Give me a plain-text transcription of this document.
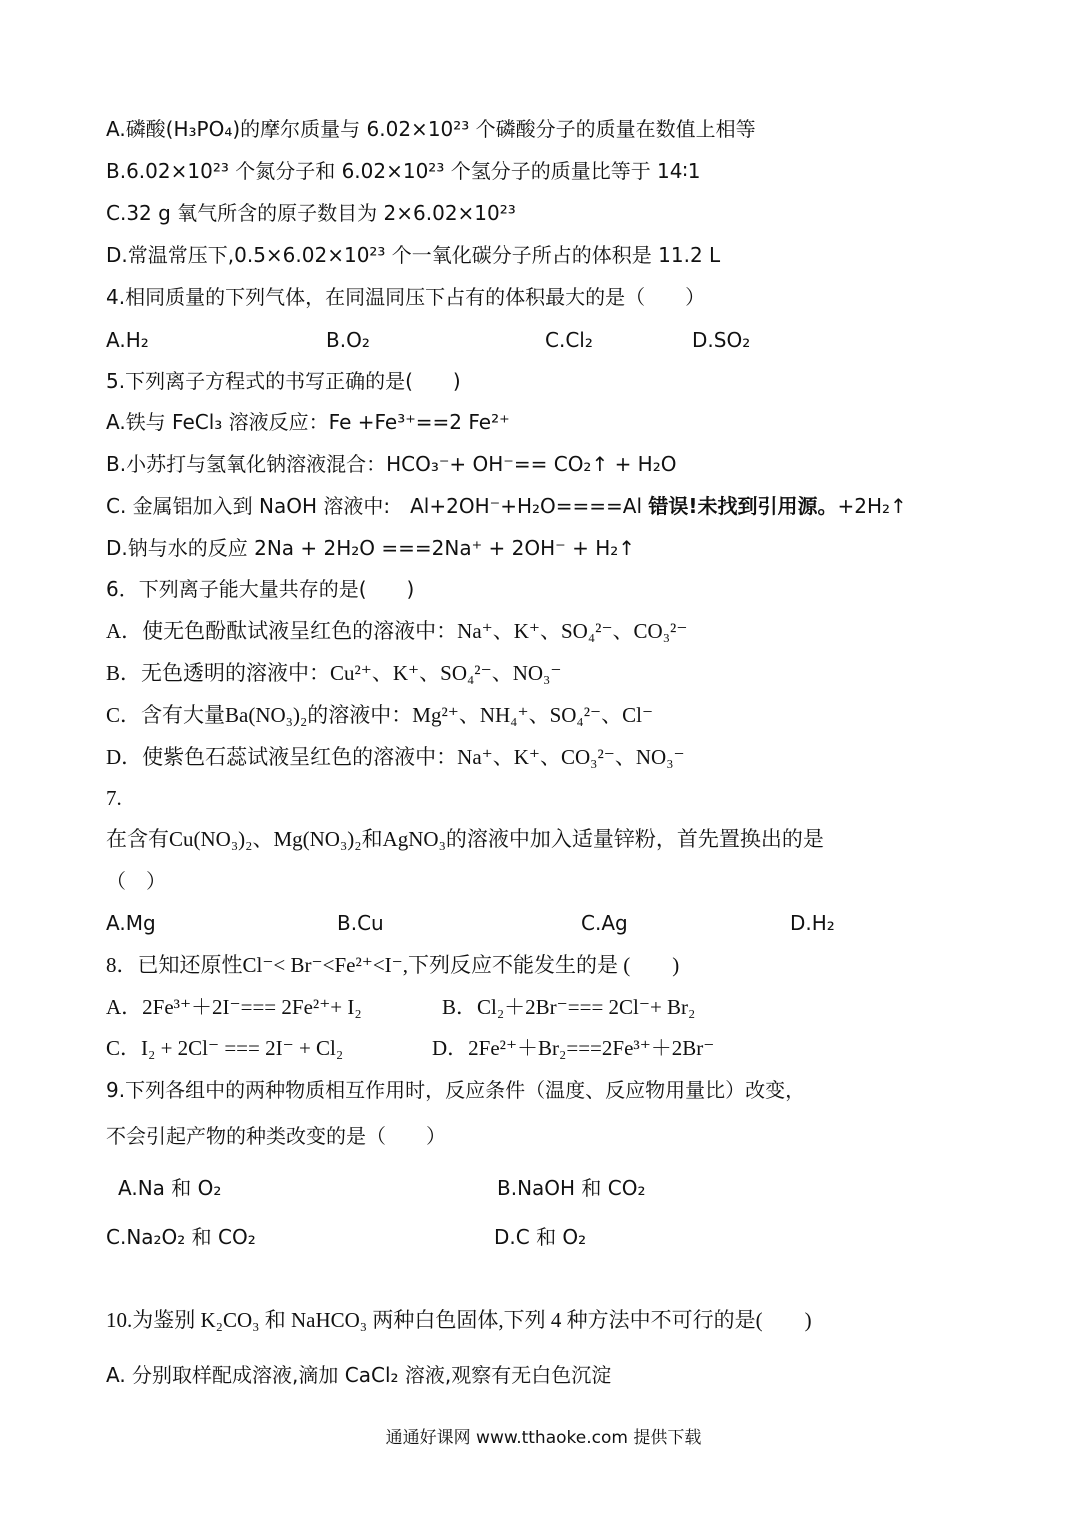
A.磷酸(H₃PO₄)的摩尔质量与 6.02×10²³ 个磷酸分子的质量在数值上相等
B.6.02×10²³ 个氮分子和 6.02×10²³ 个氢分子的质量比等于 14∶1
C.32 g 氧气所含的原子数目为 2×6.02×10²³
D.常温常压下,0.5×6.02×10²³ 个一氧化碳分子所占的体积是 11.2 L
4.相同质量的下列气体，在同温同压下占有的体积最大的是（　　）
A.H₂	B.O₂	C.Cl₂	D.SO₂
5.下列离子方程式的书写正确的是(　　)
A.铁与 FeCl₃ 溶液反应：Fe +Fe³⁺==2 Fe²⁺
B.小苏打与氢氧化钠溶液混合：HCO₃⁻+ OH⁻== CO₂↑ + H₂O
C. 金属铝加入到 NaOH 溶液中:　Al+2OH⁻+H₂O====Al 错误!未找到引用源。+2H₂↑
D.钠与水的反应 2Na + 2H₂O ===2Na⁺ + 2OH⁻ + H₂↑
6．下列离子能大量共存的是(　　)
A．使无色酚酞试液呈红色的溶液中：Na⁺、K⁺、SO₄²⁻、CO₃²⁻
B．无色透明的溶液中：Cu²⁺、K⁺、SO₄²⁻、NO₃⁻
C．含有大量Ba(NO₃)₂的溶液中：Mg²⁺、NH₄⁺、SO₄²⁻、Cl⁻
D．使紫色石蕊试液呈红色的溶液中：Na⁺、K⁺、CO₃²⁻、NO₃⁻
7.
在含有Cu(NO₃)₂、Mg(NO₃)₂和AgNO₃的溶液中加入适量锌粉，首先置换出的是
（　）
A.Mg	B.Cu	C.Ag	D.H₂
8．已知还原性Cl⁻< Br⁻<Fe²⁺<I⁻,下列反应不能发生的是 (　　)
A．2Fe³⁺＋2I⁻=== 2Fe²⁺+ I₂	B．Cl₂＋2Br⁻=== 2Cl⁻+ Br₂
C．I₂ + 2Cl⁻ === 2I⁻ + Cl₂	D．2Fe²⁺＋Br₂===2Fe³⁺＋2Br⁻
9.下列各组中的两种物质相互作用时，反应条件（温度、反应物用量比）改变，
不会引起产物的种类改变的是（　　）
A.Na 和 O₂	B.NaOH 和 CO₂
C.Na₂O₂ 和 CO₂	D.C 和 O₂
10.为鉴别 K₂CO₃ 和 NaHCO₃ 两种白色固体,下列 4 种方法中不可行的是(　　)
A. 分别取样配成溶液,滴加 CaCl₂ 溶液,观察有无白色沉淀
通通好课网 www.tthaoke.com 提供下载
